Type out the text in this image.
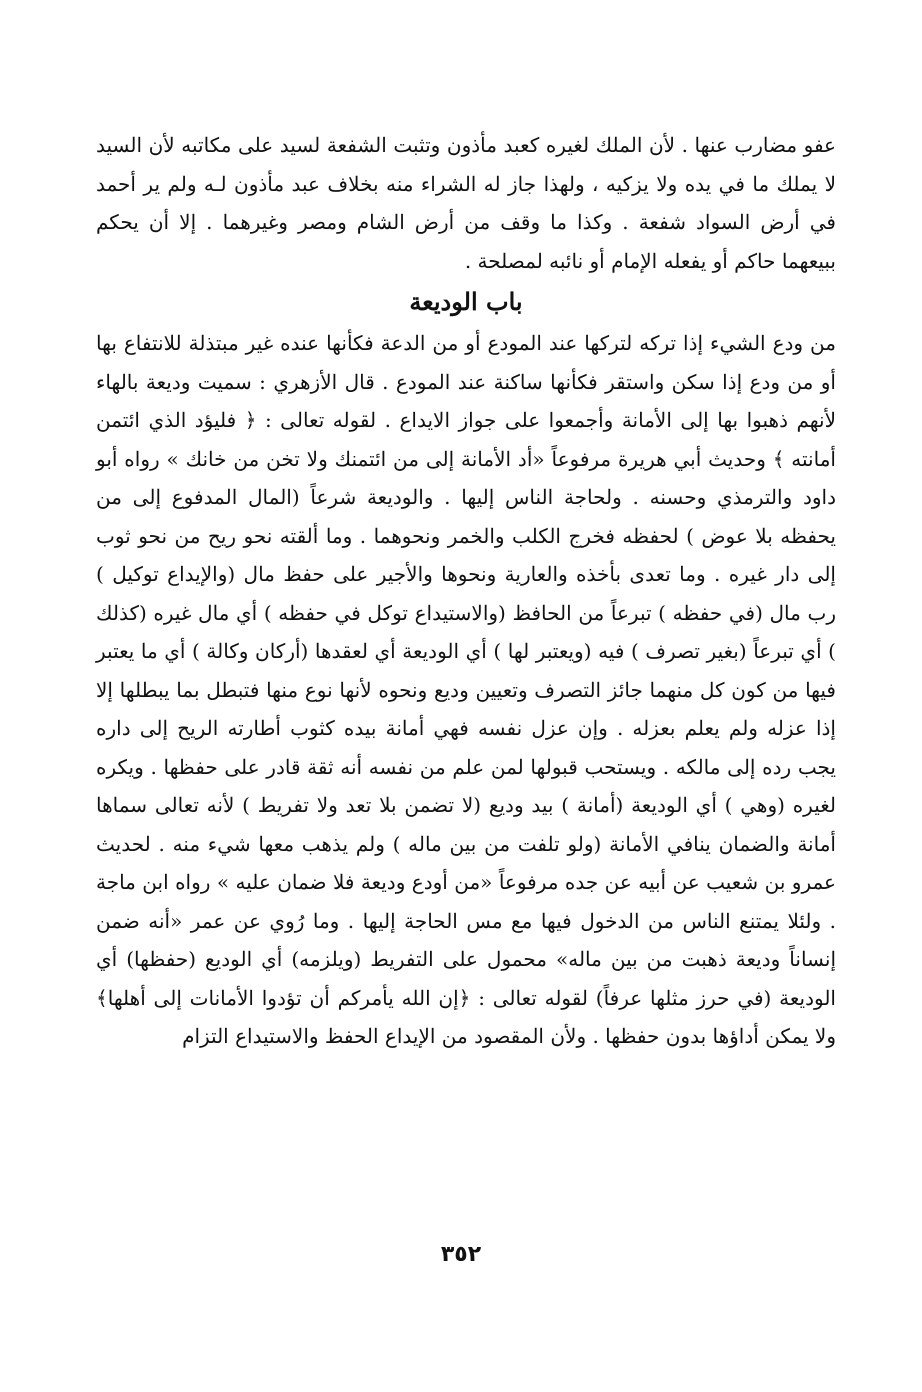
عفو مضارب عنها . لأن الملك لغيره كعبد مأذون وتثبت الشفعة لسيد على مكاتبه لأن السيد لا يملك ما في يده ولا يزكيه ، ولهذا جاز له الشراء منه بخلاف عبد مأذون لـه ولم ير أحمد في أرض السواد شفعة . وكذا ما وقف من أرض الشام ومصر وغيرهما . إلا أن يحكم ببيعهما حاكم أو يفعله الإمام أو نائبه لمصلحة .

باب الوديعة

من ودع الشيء إذا تركه لتركها عند المودع أو من الدعة فكأنها عنده غير مبتذلة للانتفاع بها أو من ودع إذا سكن واستقر فكأنها ساكنة عند المودع . قال الأزهري : سميت وديعة بالهاء لأنهم ذهبوا بها إلى الأمانة وأجمعوا على جواز الايداع . لقوله تعالى : ﴿ فليؤد الذي ائتمن أمانته ﴾ وحديث أبي هريرة مرفوعاً «أد الأمانة إلى من ائتمنك ولا تخن من خانك » رواه أبو داود والترمذي وحسنه . ولحاجة الناس إليها . والوديعة شرعاً (المال المدفوع إلى من يحفظه بلا عوض ) لحفظه فخرج الكلب والخمر ونحوهما . وما ألقته نحو ريح من نحو ثوب إلى دار غيره . وما تعدى بأخذه والعارية ونحوها والأجير على حفظ مال (والإيداع توكيل ) رب مال (في حفظه ) تبرعاً من الحافظ (والاستيداع توكل في حفظه ) أي مال غيره (كذلك ) أي تبرعاً (بغير تصرف ) فيه (ويعتبر لها ) أي الوديعة أي لعقدها (أركان وكالة ) أي ما يعتبر فيها من كون كل منهما جائز التصرف وتعيين وديع ونحوه لأنها نوع منها فتبطل بما يبطلها إلا إذا عزله ولم يعلم بعزله . وإن عزل نفسه فهي أمانة بيده كثوب أطارته الريح إلى داره يجب رده إلى مالكه . ويستحب قبولها لمن علم من نفسه أنه ثقة قادر على حفظها . ويكره لغيره (وهي ) أي الوديعة (أمانة ) بيد وديع (لا تضمن بلا تعد ولا تفريط ) لأنه تعالى سماها أمانة والضمان ينافي الأمانة (ولو تلفت من بين ماله ) ولم يذهب معها شيء منه . لحديث عمرو بن شعيب عن أبيه عن جده مرفوعاً «من أودع وديعة فلا ضمان عليه » رواه ابن ماجة . ولئلا يمتنع الناس من الدخول فيها مع مس الحاجة إليها . وما رُوي عن عمر «أنه ضمن إنساناً وديعة ذهبت من بين ماله» محمول على التفريط (ويلزمه) أي الوديع (حفظها) أي الوديعة (في حرز مثلها عرفاً) لقوله تعالى : ﴿إن الله يأمركم أن تؤدوا الأمانات إلى أهلها﴾ ولا يمكن أداؤها بدون حفظها . ولأن المقصود من الإيداع الحفظ والاستيداع التزام

٣٥٢
